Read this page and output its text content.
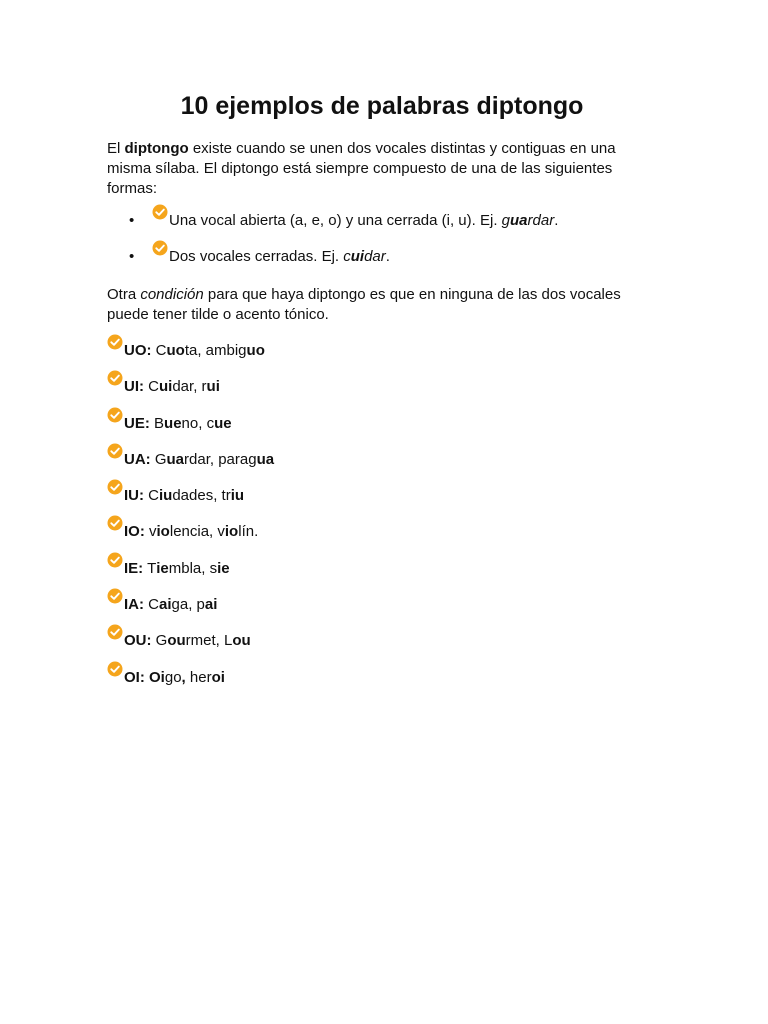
10 ejemplos de palabras diptongo

El diptongo existe cuando se unen dos vocales distintas y contiguas en una misma sílaba. El diptongo está siempre compuesto de una de las siguientes formas:

• Una vocal abierta (a, e, o) y una cerrada (i, u). Ej. guardar.
• Dos vocales cerradas. Ej. cuidar.

Otra condición para que haya diptongo es que en ninguna de las dos vocales puede tener tilde o acento tónico.

UO: Cuota, ambiguo
UI: Cuidar, rui
UE: Bueno, cue
UA: Guardar, paragua
IU: Ciudades, triu
IO: violencia, violín.
IE: Tiembla, sie
IA: Caiga, pai
OU: Gourmet, Lou
OI: Oigo, heroi
